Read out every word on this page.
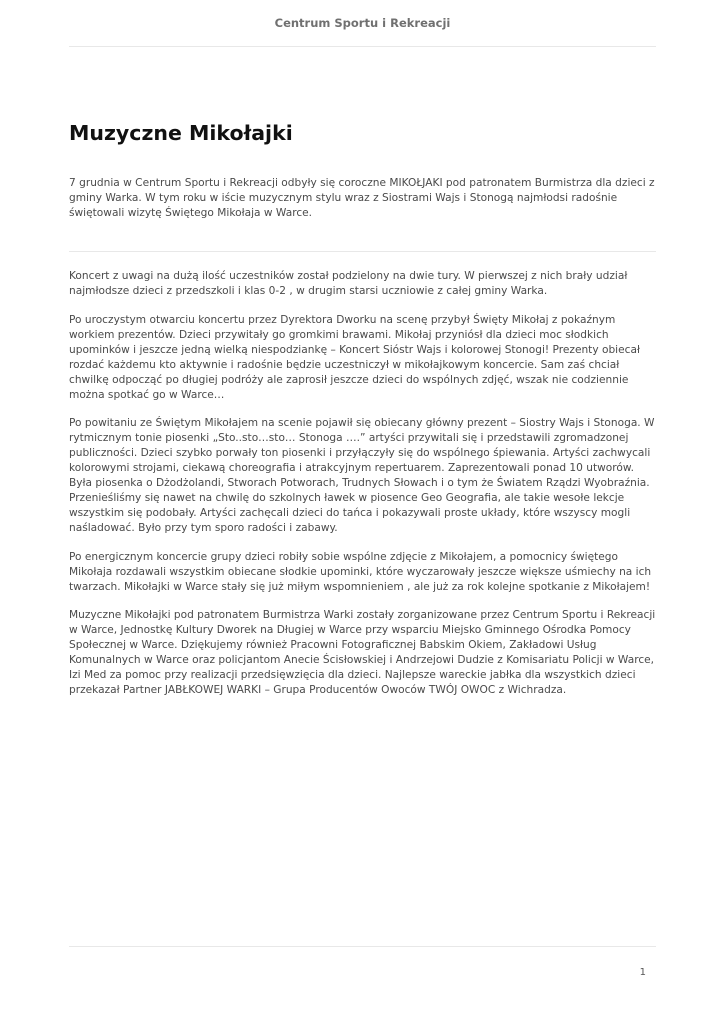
Centrum Sportu i Rekreacji
Muzyczne Mikołajki

7 grudnia w Centrum Sportu i Rekreacji odbyły się coroczne MIKOŁJAKI pod patronatem Burmistrza dla dzieci z gminy Warka. W tym roku w iście muzycznym stylu wraz z Siostrami Wajs i Stonogą najmłodsi radośnie świętowali wizytę Świętego Mikołaja w Warce.

Koncert z uwagi na dużą ilość uczestników został podzielony na dwie tury. W pierwszej z nich brały udział najmłodsze dzieci z przedszkoli i klas 0-2 , w drugim starsi uczniowie z całej gminy Warka.

Po uroczystym otwarciu koncertu przez Dyrektora Dworku na scenę przybył Święty Mikołaj z pokaźnym workiem prezentów. Dzieci przywitały go gromkimi brawami. Mikołaj przyniósł dla dzieci moc słodkich upominków i jeszcze jedną wielką niespodziankę – Koncert Sióstr Wajs i kolorowej Stonogi! Prezenty obiecał rozdać każdemu kto aktywnie i radośnie będzie uczestniczył w mikołajkowym koncercie. Sam zaś chciał chwilkę odpocząć po długiej podróży ale zaprosił jeszcze dzieci do wspólnych zdjęć, wszak nie codziennie można spotkać go w Warce…

Po powitaniu ze Świętym Mikołajem na scenie pojawił się obiecany główny prezent – Siostry Wajs i Stonoga. W rytmicznym tonie piosenki „Sto..sto…sto… Stonoga ….” artyści przywitali się i przedstawili zgromadzonej publiczności. Dzieci szybko porwały ton piosenki i przyłączyły się do wspólnego śpiewania. Artyści zachwycali kolorowymi strojami, ciekawą choreografia i atrakcyjnym repertuarem. Zaprezentowali ponad 10 utworów. Była piosenka o Dżodżolandi, Stworach Potworach, Trudnych Słowach i o tym że Światem Rządzi Wyobraźnia. Przenieśliśmy się nawet na chwilę do szkolnych ławek w piosence Geo Geografia, ale takie wesołe lekcje wszystkim się podobały. Artyści zachęcali dzieci do tańca i pokazywali proste układy, które wszyscy mogli naśladować. Było przy tym sporo radości i zabawy.

Po energicznym koncercie grupy dzieci robiły sobie wspólne zdjęcie z Mikołajem, a pomocnicy świętego Mikołaja rozdawali wszystkim obiecane słodkie upominki, które wyczarowały jeszcze większe uśmiechy na ich twarzach. Mikołajki w Warce stały się już miłym wspomnieniem , ale już za rok kolejne spotkanie z Mikołajem!

Muzyczne Mikołajki pod patronatem Burmistrza Warki zostały zorganizowane przez Centrum Sportu i Rekreacji w Warce, Jednostkę Kultury Dworek na Długiej w Warce przy wsparciu Miejsko Gminnego Ośrodka Pomocy Społecznej w Warce. Dziękujemy również Pracowni Fotograficznej Babskim Okiem, Zakładowi Usług Komunalnych w Warce oraz policjantom Anecie Ścisłowskiej i Andrzejowi Dudzie z Komisariatu Policji w Warce, Izi Med za pomoc przy realizacji przedsięwzięcia dla dzieci. Najlepsze wareckie jabłka dla wszystkich dzieci przekazał Partner JABŁKOWEJ WARKI – Grupa Producentów Owoców TWÓJ OWOC z Wichradza.

1
